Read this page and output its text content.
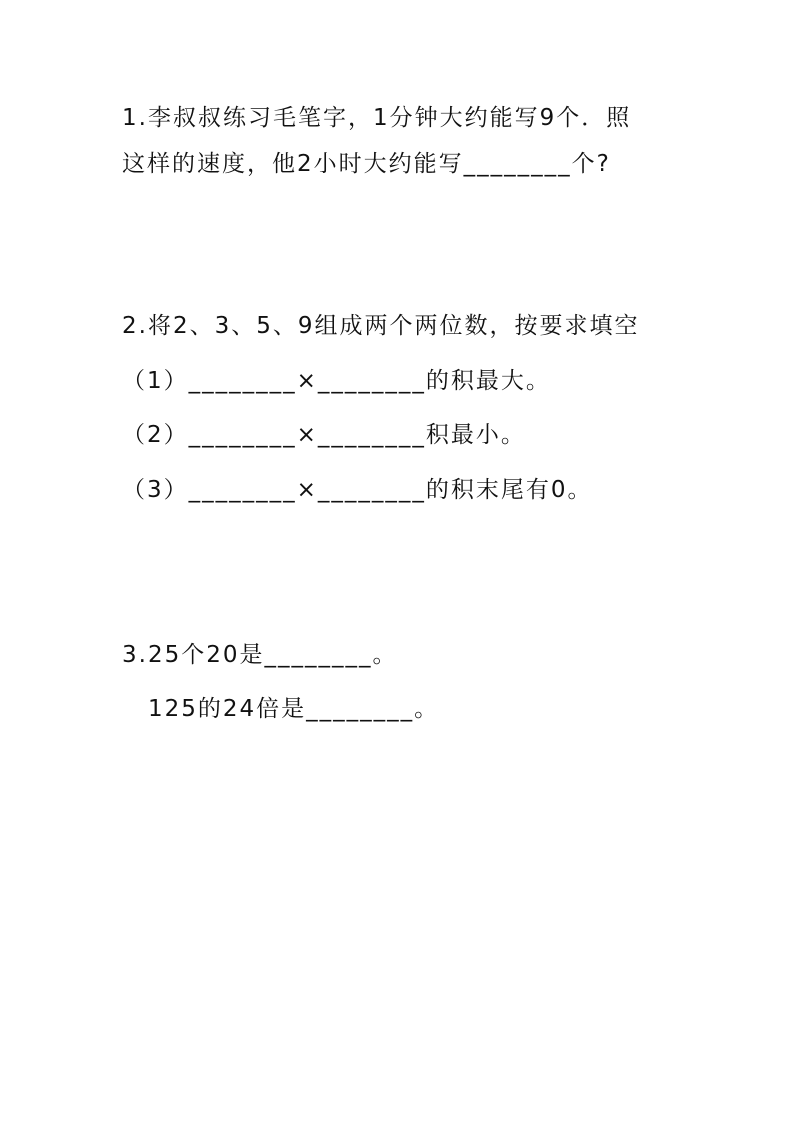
1.李叔叔练习毛笔字，1分钟大约能写9个．照
这样的速度，他2小时大约能写________个?
2.将2、3、5、9组成两个两位数，按要求填空
（1）________×________的积最大。
（2）________×________积最小。
（3）________×________的积末尾有0。
3.25个20是________。
125的24倍是________。
